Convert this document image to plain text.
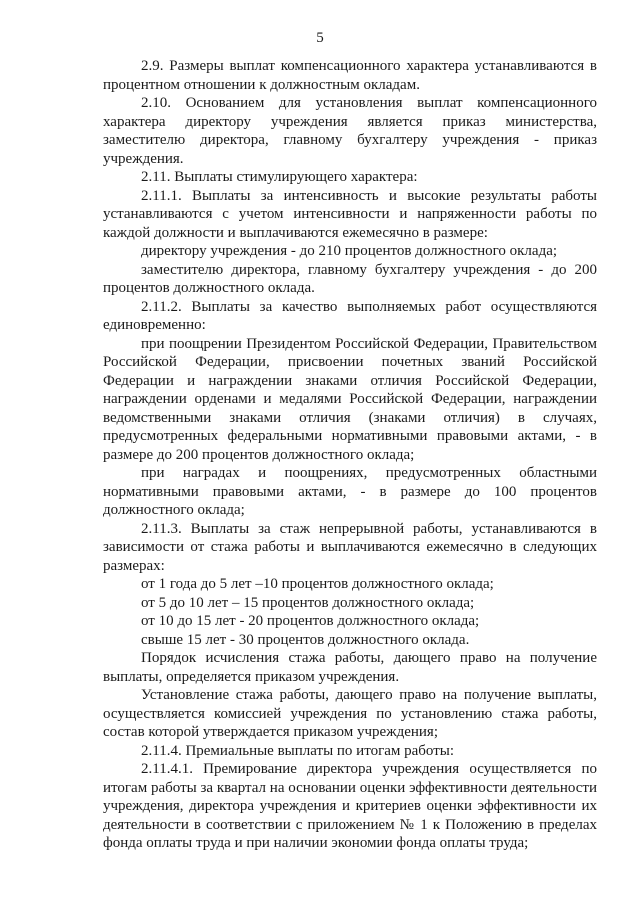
5

2.9. Размеры выплат компенсационного характера устанавливаются в процентном отношении к должностным окладам.

2.10. Основанием для установления выплат компенсационного характера директору учреждения является приказ министерства, заместителю директора, главному бухгалтеру учреждения - приказ учреждения.

2.11. Выплаты стимулирующего характера:

2.11.1. Выплаты за интенсивность и высокие результаты работы устанавливаются с учетом интенсивности и напряженности работы по каждой должности и выплачиваются ежемесячно в размере:

директору учреждения - до 210 процентов должностного оклада;

заместителю директора, главному бухгалтеру учреждения - до 200 процентов должностного оклада.

2.11.2. Выплаты за качество выполняемых работ осуществляются единовременно:

при поощрении Президентом Российской Федерации, Правительством Российской Федерации, присвоении почетных званий Российской Федерации и награждении знаками отличия Российской Федерации, награждении орденами и медалями Российской Федерации, награждении ведомственными знаками отличия (знаками отличия) в случаях, предусмотренных федеральными нормативными правовыми актами, - в размере до 200 процентов должностного оклада;

при наградах и поощрениях, предусмотренных областными нормативными правовыми актами, - в размере до 100 процентов должностного оклада;

2.11.3. Выплаты за стаж непрерывной работы, устанавливаются в зависимости от стажа работы и выплачиваются ежемесячно в следующих размерах:

от 1 года до 5 лет –10 процентов должностного оклада;

от 5 до 10 лет – 15 процентов должностного оклада;

от 10 до 15 лет - 20 процентов должностного оклада;

свыше 15 лет - 30 процентов должностного оклада.

Порядок исчисления стажа работы, дающего право на получение выплаты, определяется приказом учреждения.

Установление стажа работы, дающего право на получение выплаты, осуществляется комиссией учреждения по установлению стажа работы, состав которой утверждается приказом учреждения;

2.11.4. Премиальные выплаты по итогам работы:

2.11.4.1. Премирование директора учреждения осуществляется по итогам работы за квартал на основании оценки эффективности деятельности учреждения, директора учреждения и критериев оценки эффективности их деятельности в соответствии с приложением № 1 к Положению в пределах фонда оплаты труда и при наличии экономии фонда оплаты труда;
